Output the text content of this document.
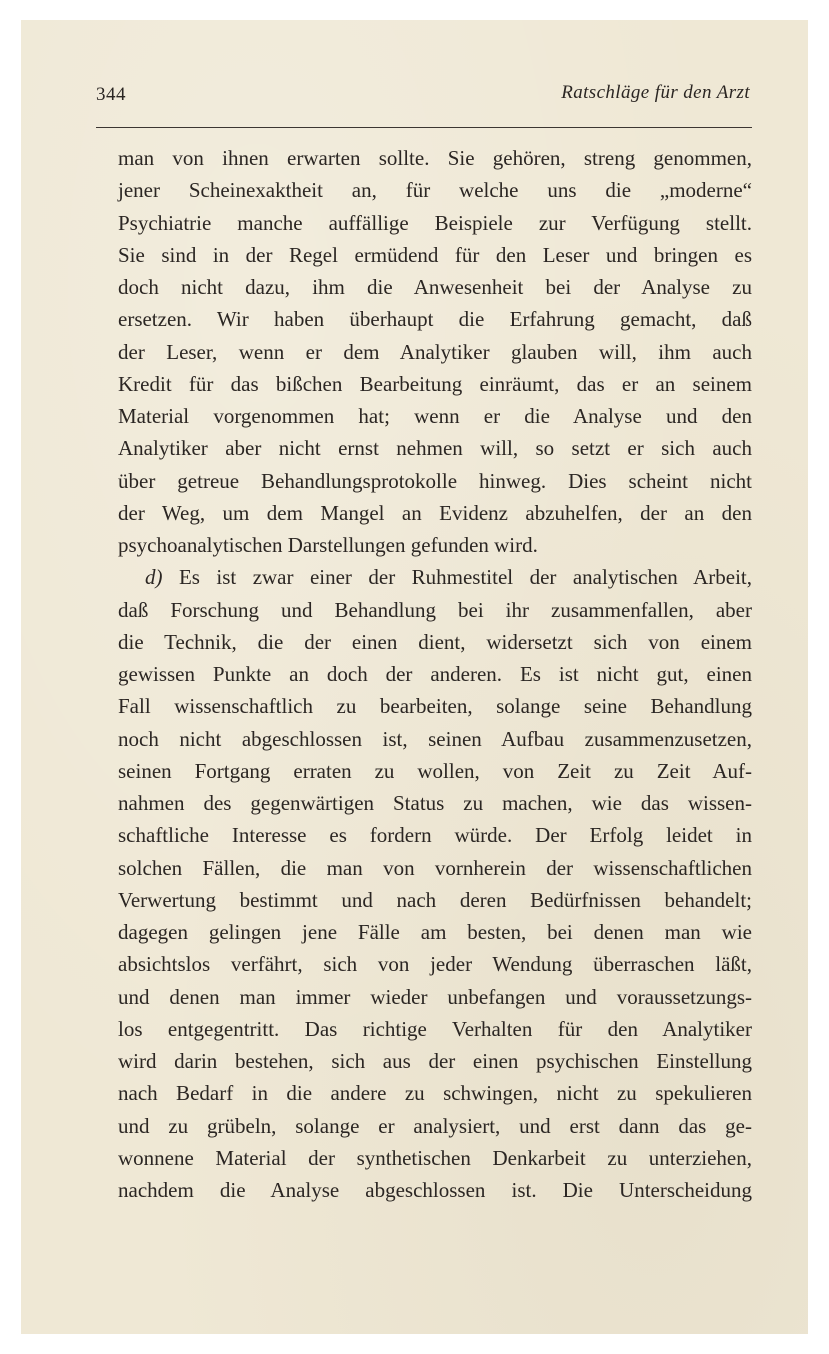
344	Ratschläge für den Arzt
man von ihnen erwarten sollte. Sie gehören, streng genommen,
jener Scheinexaktheit an, für welche uns die „moderne“
Psychiatrie manche auffällige Beispiele zur Verfügung stellt.
Sie sind in der Regel ermüdend für den Leser und bringen es
doch nicht dazu, ihm die Anwesenheit bei der Analyse zu
ersetzen. Wir haben überhaupt die Erfahrung gemacht, daß
der Leser, wenn er dem Analytiker glauben will, ihm auch
Kredit für das bißchen Bearbeitung einräumt, das er an seinem
Material vorgenommen hat; wenn er die Analyse und den
Analytiker aber nicht ernst nehmen will, so setzt er sich auch
über getreue Behandlungsprotokolle hinweg. Dies scheint nicht
der Weg, um dem Mangel an Evidenz abzuhelfen, der an den
psychoanalytischen Darstellungen gefunden wird.
d) Es ist zwar einer der Ruhmestitel der analytischen Arbeit,
daß Forschung und Behandlung bei ihr zusammenfallen, aber
die Technik, die der einen dient, widersetzt sich von einem
gewissen Punkte an doch der anderen. Es ist nicht gut, einen
Fall wissenschaftlich zu bearbeiten, solange seine Behandlung
noch nicht abgeschlossen ist, seinen Aufbau zusammenzusetzen,
seinen Fortgang erraten zu wollen, von Zeit zu Zeit Auf-
nahmen des gegenwärtigen Status zu machen, wie das wissen-
schaftliche Interesse es fordern würde. Der Erfolg leidet in
solchen Fällen, die man von vornherein der wissenschaftlichen
Verwertung bestimmt und nach deren Bedürfnissen behandelt;
dagegen gelingen jene Fälle am besten, bei denen man wie
absichtslos verfährt, sich von jeder Wendung überraschen läßt,
und denen man immer wieder unbefangen und voraussetzungs-
los entgegentritt. Das richtige Verhalten für den Analytiker
wird darin bestehen, sich aus der einen psychischen Einstellung
nach Bedarf in die andere zu schwingen, nicht zu spekulieren
und zu grübeln, solange er analysiert, und erst dann das ge-
wonnene Material der synthetischen Denkarbeit zu unterziehen,
nachdem die Analyse abgeschlossen ist. Die Unterscheidung
